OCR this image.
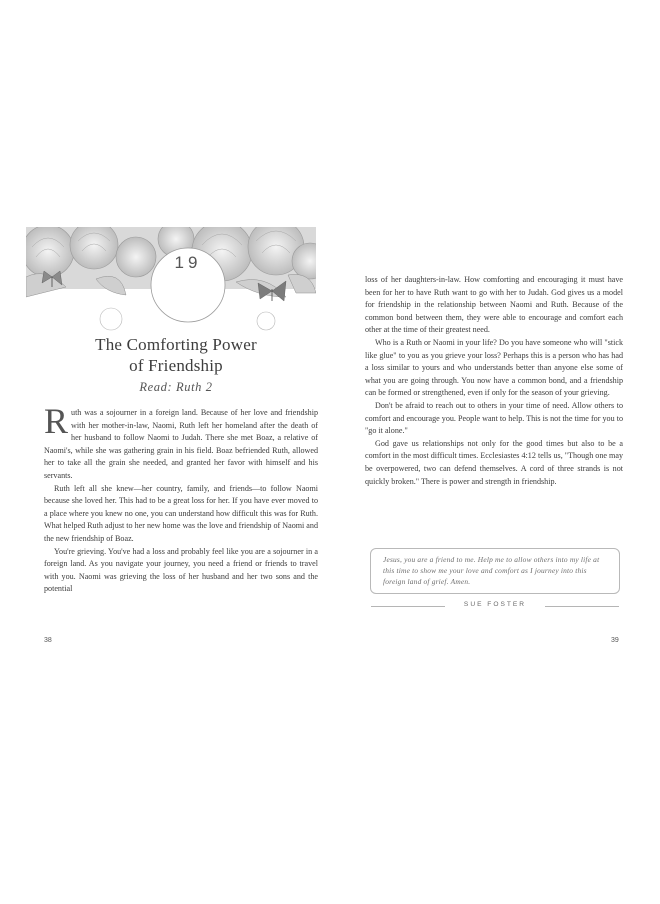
19
The Comforting Power
of Friendship
Read: Ruth 2

Ruth was a sojourner in a foreign land. Because of her love and friendship with her mother-in-law, Naomi, Ruth left her homeland after the death of her husband to follow Naomi to Judah. There she met Boaz, a relative of Naomi's, while she was gathering grain in his field. Boaz befriended Ruth, allowed her to take all the grain she needed, and granted her favor with himself and his servants.

Ruth left all she knew—her country, family, and friends—to follow Naomi because she loved her. This had to be a great loss for her. If you have ever moved to a place where you knew no one, you can understand how difficult this was for Ruth. What helped Ruth adjust to her new home was the love and friendship of Naomi and the new friendship of Boaz.

You're grieving. You've had a loss and probably feel like you are a sojourner in a foreign land. As you navigate your journey, you need a friend or friends to travel with you. Naomi was grieving the loss of her husband and her two sons and the potential

38

loss of her daughters-in-law. How comforting and encouraging it must have been for her to have Ruth want to go with her to Judah. God gives us a model for friendship in the relationship between Naomi and Ruth. Because of the common bond between them, they were able to encourage and comfort each other at the time of their greatest need.

Who is a Ruth or Naomi in your life? Do you have someone who will "stick like glue" to you as you grieve your loss? Perhaps this is a person who has had a loss similar to yours and who understands better than anyone else some of what you are going through. You now have a common bond, and a friendship can be formed or strengthened, even if only for the season of your grieving.

Don't be afraid to reach out to others in your time of need. Allow others to comfort and encourage you. People want to help. This is not the time for you to "go it alone."

God gave us relationships not only for the good times but also to be a comfort in the most difficult times. Ecclesiastes 4:12 tells us, "Though one may be overpowered, two can defend themselves. A cord of three strands is not quickly broken." There is power and strength in friendship.

Jesus, you are a friend to me. Help me to allow others into my life at this time to show me your love and comfort as I journey into this foreign land of grief. Amen.
SUE FOSTER
39
